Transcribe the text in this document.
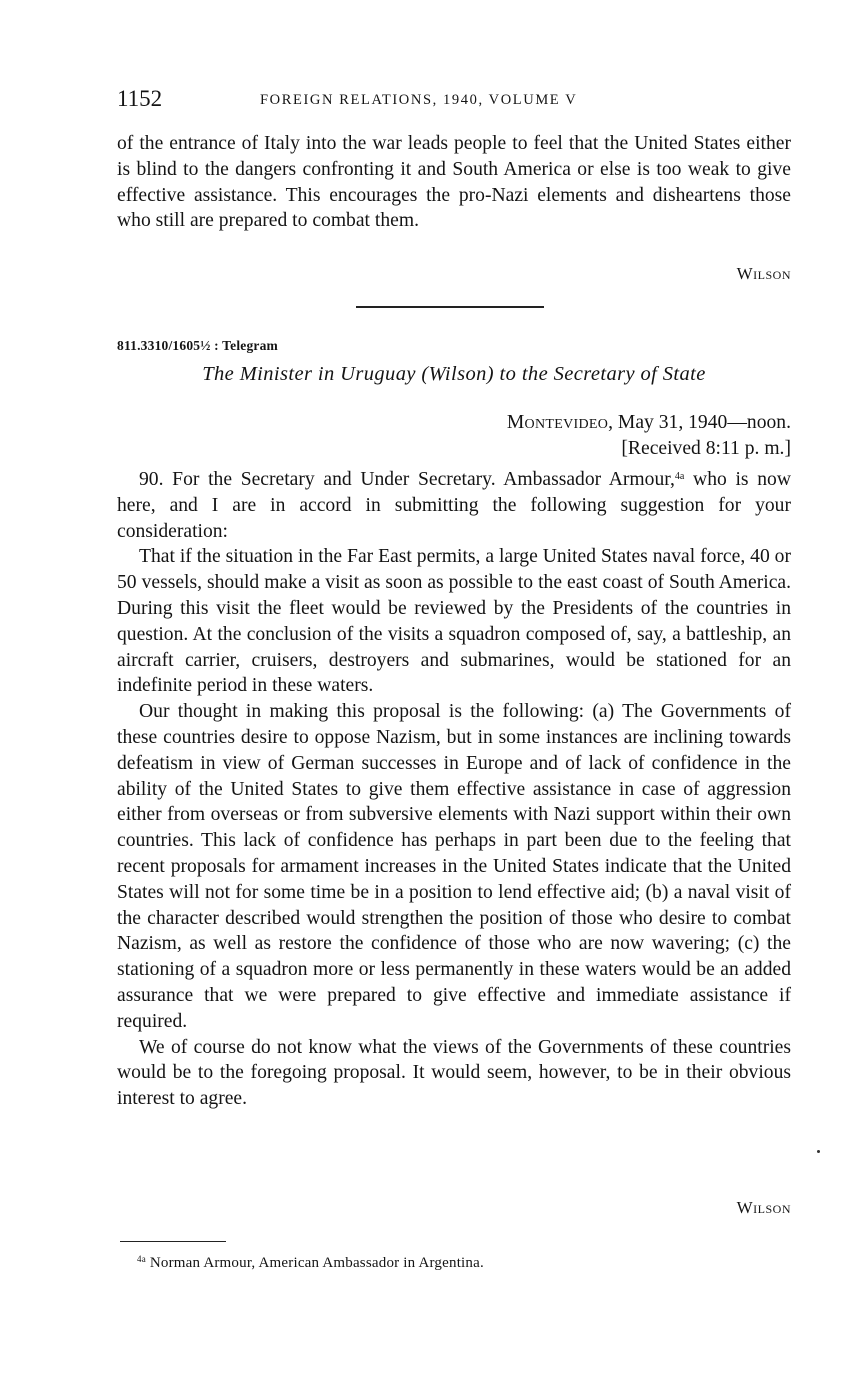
1152	FOREIGN RELATIONS, 1940, VOLUME V

of the entrance of Italy into the war leads people to feel that the United States either is blind to the dangers confronting it and South America or else is too weak to give effective assistance. This encourages the pro-Nazi elements and disheartens those who still are prepared to combat them.

Wilson
811.3310/1605½ : Telegram
The Minister in Uruguay (Wilson) to the Secretary of State
Montevideo, May 31, 1940—noon.
[Received 8:11 p. m.]

90. For the Secretary and Under Secretary. Ambassador Armour,$^{4a}$ who is now here, and I are in accord in submitting the following suggestion for your consideration:

That if the situation in the Far East permits, a large United States naval force, 40 or 50 vessels, should make a visit as soon as possible to the east coast of South America. During this visit the fleet would be reviewed by the Presidents of the countries in question. At the conclusion of the visits a squadron composed of, say, a battleship, an aircraft carrier, cruisers, destroyers and submarines, would be stationed for an indefinite period in these waters.

Our thought in making this proposal is the following: (a) The Governments of these countries desire to oppose Nazism, but in some instances are inclining towards defeatism in view of German successes in Europe and of lack of confidence in the ability of the United States to give them effective assistance in case of aggression either from overseas or from subversive elements with Nazi support within their own countries. This lack of confidence has perhaps in part been due to the feeling that recent proposals for armament increases in the United States indicate that the United States will not for some time be in a position to lend effective aid; (b) a naval visit of the character described would strengthen the position of those who desire to combat Nazism, as well as restore the confidence of those who are now wavering; (c) the stationing of a squadron more or less permanently in these waters would be an added assurance that we were prepared to give effective and immediate assistance if required.

We of course do not know what the views of the Governments of these countries would be to the foregoing proposal. It would seem, however, to be in their obvious interest to agree.

Wilson
$^{4a}$ Norman Armour, American Ambassador in Argentina.
